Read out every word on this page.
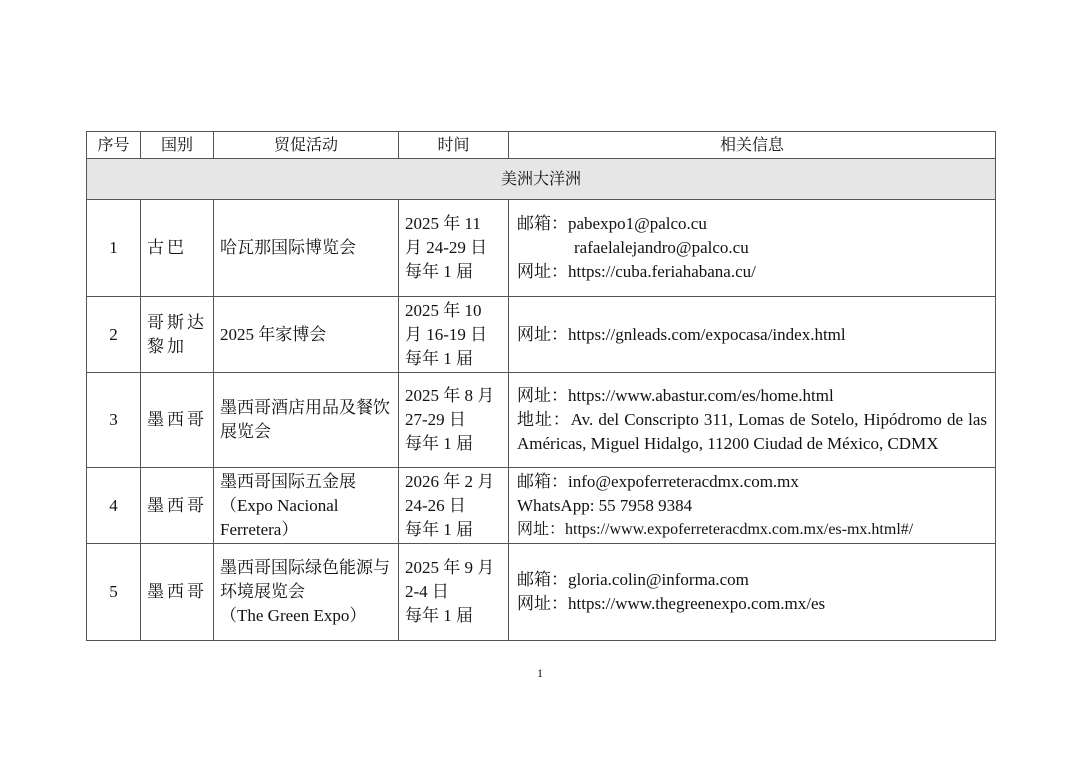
序号	国别	贸促活动	时间	相关信息
美洲大洋洲				
1	古巴	哈瓦那国际博览会	2025 年 11
月 24-29 日
每年 1 届	邮箱：pabexpo1@palco.cu
rafaelalejandro@palco.cu
网址：https://cuba.feriahabana.cu/

2	哥斯达黎加	2025 年家博会	2025 年 10
月 16-19 日
每年 1 届	网址：https://gnleads.com/expocasa/index.html

3	墨西哥	墨西哥酒店用品及餐饮展览会	2025 年 8 月
27-29 日
每年 1 届	网址：https://www.abastur.com/es/home.html
地址：Av. del Conscripto 311, Lomas de Sotelo, Hipódromo de las Américas, Miguel Hidalgo, 11200 Ciudad de México, CDMX

4	墨西哥	墨西哥国际五金展
（Expo Nacional
Ferretera）	2026 年 2 月
24-26 日
每年 1 届	邮箱：info@expoferreteracdmx.com.mx
WhatsApp: 55 7958 9384
网址：https://www.expoferreteracdmx.com.mx/es-mx.html#/

5	墨西哥	墨西哥国际绿色能源与环境展览会
（The Green Expo）	2025 年 9 月
2-4 日
每年 1 届	邮箱：gloria.colin@informa.com
网址：https://www.thegreenexpo.com.mx/es
1
